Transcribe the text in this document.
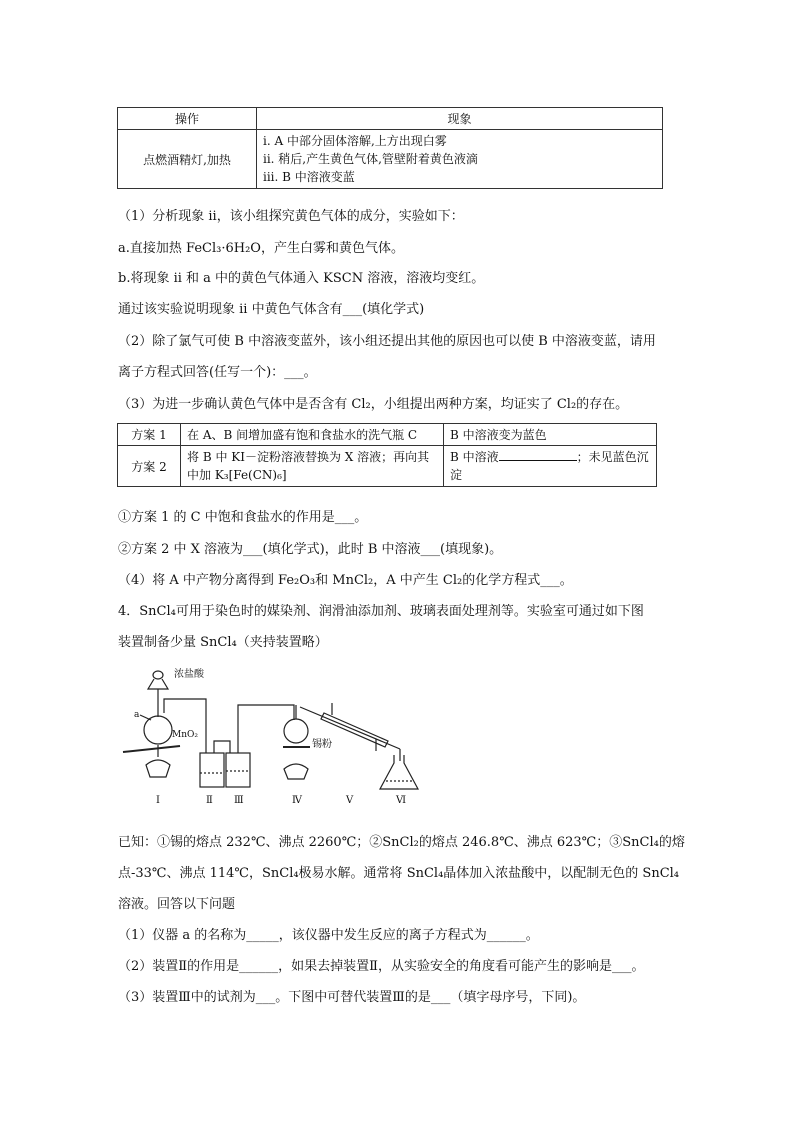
操作	现象
点燃酒精灯,加热	i. A 中部分固体溶解,上方出现白雾
ii. 稍后,产生黄色气体,管壁附着黄色液滴
iii. B 中溶液变蓝
（1）分析现象 ii，该小组探究黄色气体的成分，实验如下：
a.直接加热 FeCl₃·6H₂O，产生白雾和黄色气体。
b.将现象 ii 和 a 中的黄色气体通入 KSCN 溶液，溶液均变红。
通过该实验说明现象 ii 中黄色气体含有___(填化学式)
（2）除了氯气可使 B 中溶液变蓝外，该小组还提出其他的原因也可以使 B 中溶液变蓝，请用
离子方程式回答(任写一个)：___。
（3）为进一步确认黄色气体中是否含有 Cl₂，小组提出两种方案，均证实了 Cl₂的存在。
方案 1	在 A、B 间增加盛有饱和食盐水的洗气瓶 C	B 中溶液变为蓝色
方案 2	将 B 中 KI－淀粉溶液替换为 X 溶液；再向其中加 K₃[Fe(CN)₆]	B 中溶液 ；未见蓝色沉淀
①方案 1 的 C 中饱和食盐水的作用是___。
②方案 2 中 X 溶液为___(填化学式)，此时 B 中溶液___(填现象)。
（4）将 A 中产物分离得到 Fe₂O₃和 MnCl₂，A 中产生 Cl₂的化学方程式___。
4．SnCl₄可用于染色时的媒染剂、润滑油添加剂、玻璃表面处理剂等。实验室可通过如下图
装置制备少量 SnCl₄（夹持装置略）
浓盐酸
MnO₂
a
锡粉
Ⅰ	Ⅱ Ⅲ	Ⅳ	Ⅴ	Ⅵ
已知：①锡的熔点 232℃、沸点 2260℃；②SnCl₂的熔点 246.8℃、沸点 623℃；③SnCl₄的熔
点-33℃、沸点 114℃，SnCl₄极易水解。通常将 SnCl₄晶体加入浓盐酸中，以配制无色的 SnCl₄
溶液。回答以下问题
（1）仪器 a 的名称为_____，该仪器中发生反应的离子方程式为______。
（2）装置Ⅱ的作用是______，如果去掉装置Ⅱ，从实验安全的角度看可能产生的影响是___。
（3）装置Ⅲ中的试剂为___。下图中可替代装置Ⅲ的是___（填字母序号，下同)。
